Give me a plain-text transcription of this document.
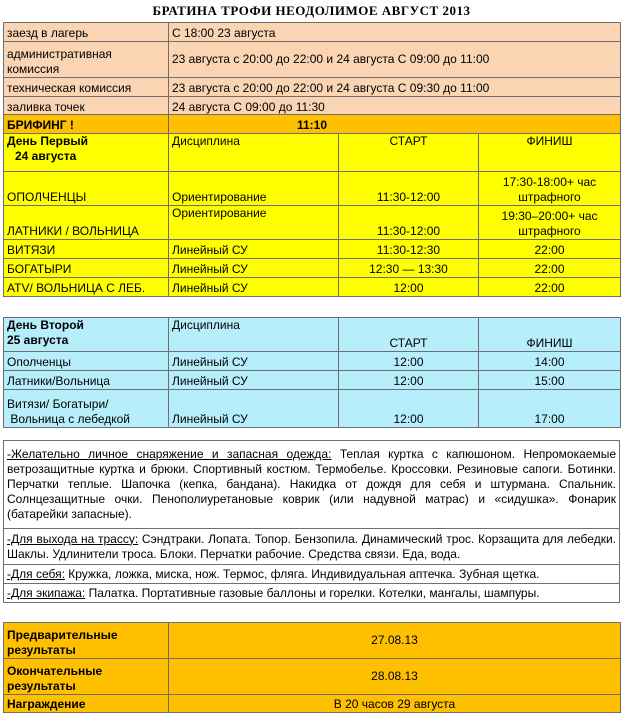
БРАТИНА ТРОФИ НЕОДОЛИМОЕ АВГУСТ 2013
заезд в лагерь	С 18:00 23 августа
административная комиссия	23 августа с 20:00 до 22:00 и 24 августа С 09:00 до 11:00
техническая комиссия	23 августа с 20:00 до 22:00 и 24 августа С 09:30 до 11:00
заливка точек	24 августа С 09:00 до 11:30
БРИФИНГ !	11:10		

День Первый
24 августа	Дисциплина	СТАРТ	ФИНИШ
ОПОЛЧЕНЦЫ	Ориентирование	11:30-12:00	17:30-18:00+ час
штрафного

ЛАТНИКИ / ВОЛЬНИЦА	Ориентирование	11:30-12:00	19:30–20:00+ час
штрафного

ВИТЯЗИ	Линейный СУ	11:30-12:30	22:00
БОГАТЫРИ	Линейный СУ	12:30 — 13:30	22:00
ATV/ ВОЛЬНИЦА С ЛЕБ.	Линейный СУ	12:00	22:00
День Второй
25 августа	Дисциплина	СТАРТ	ФИНИШ
Ополченцы	Линейный СУ	12:00	14:00
Латники/Вольница	Линейный СУ	12:00	15:00

Витязи/ Богатыри/
Вольница с лебедкой	Линейный СУ	12:00	17:00
-Желательно личное снаряжение и запасная одежда: Теплая куртка с капюшоном. Непромокаемые ветрозащитные куртка и брюки. Спортивный костюм. Термобелье. Кроссовки. Резиновые сапоги. Ботинки. Перчатки теплые. Шапочка (кепка, бандана). Накидка от дождя для себя и штурмана. Спальник. Солнцезащитные очки. Пенополиуретановые коврик (или надувной матрас) и «сидушка». Фонарик (батарейки запасные).
-Для выхода на трассу: Сэндтраки. Лопата. Топор. Бензопила. Динамический трос. Корзащита для лебедки. Шаклы. Удлинители троса. Блоки. Перчатки рабочие. Средства связи. Еда, вода.
-Для себя: Кружка, ложка, миска, нож. Термос, фляга. Индивидуальная аптечка. Зубная щетка.
-Для экипажа: Палатка. Портативные газовые баллоны и горелки. Котелки, мангалы, шампуры.
Предварительные
результаты	27.08.13

Окончательные
результаты	28.08.13
Награждение	В 20 часов 29 августа
